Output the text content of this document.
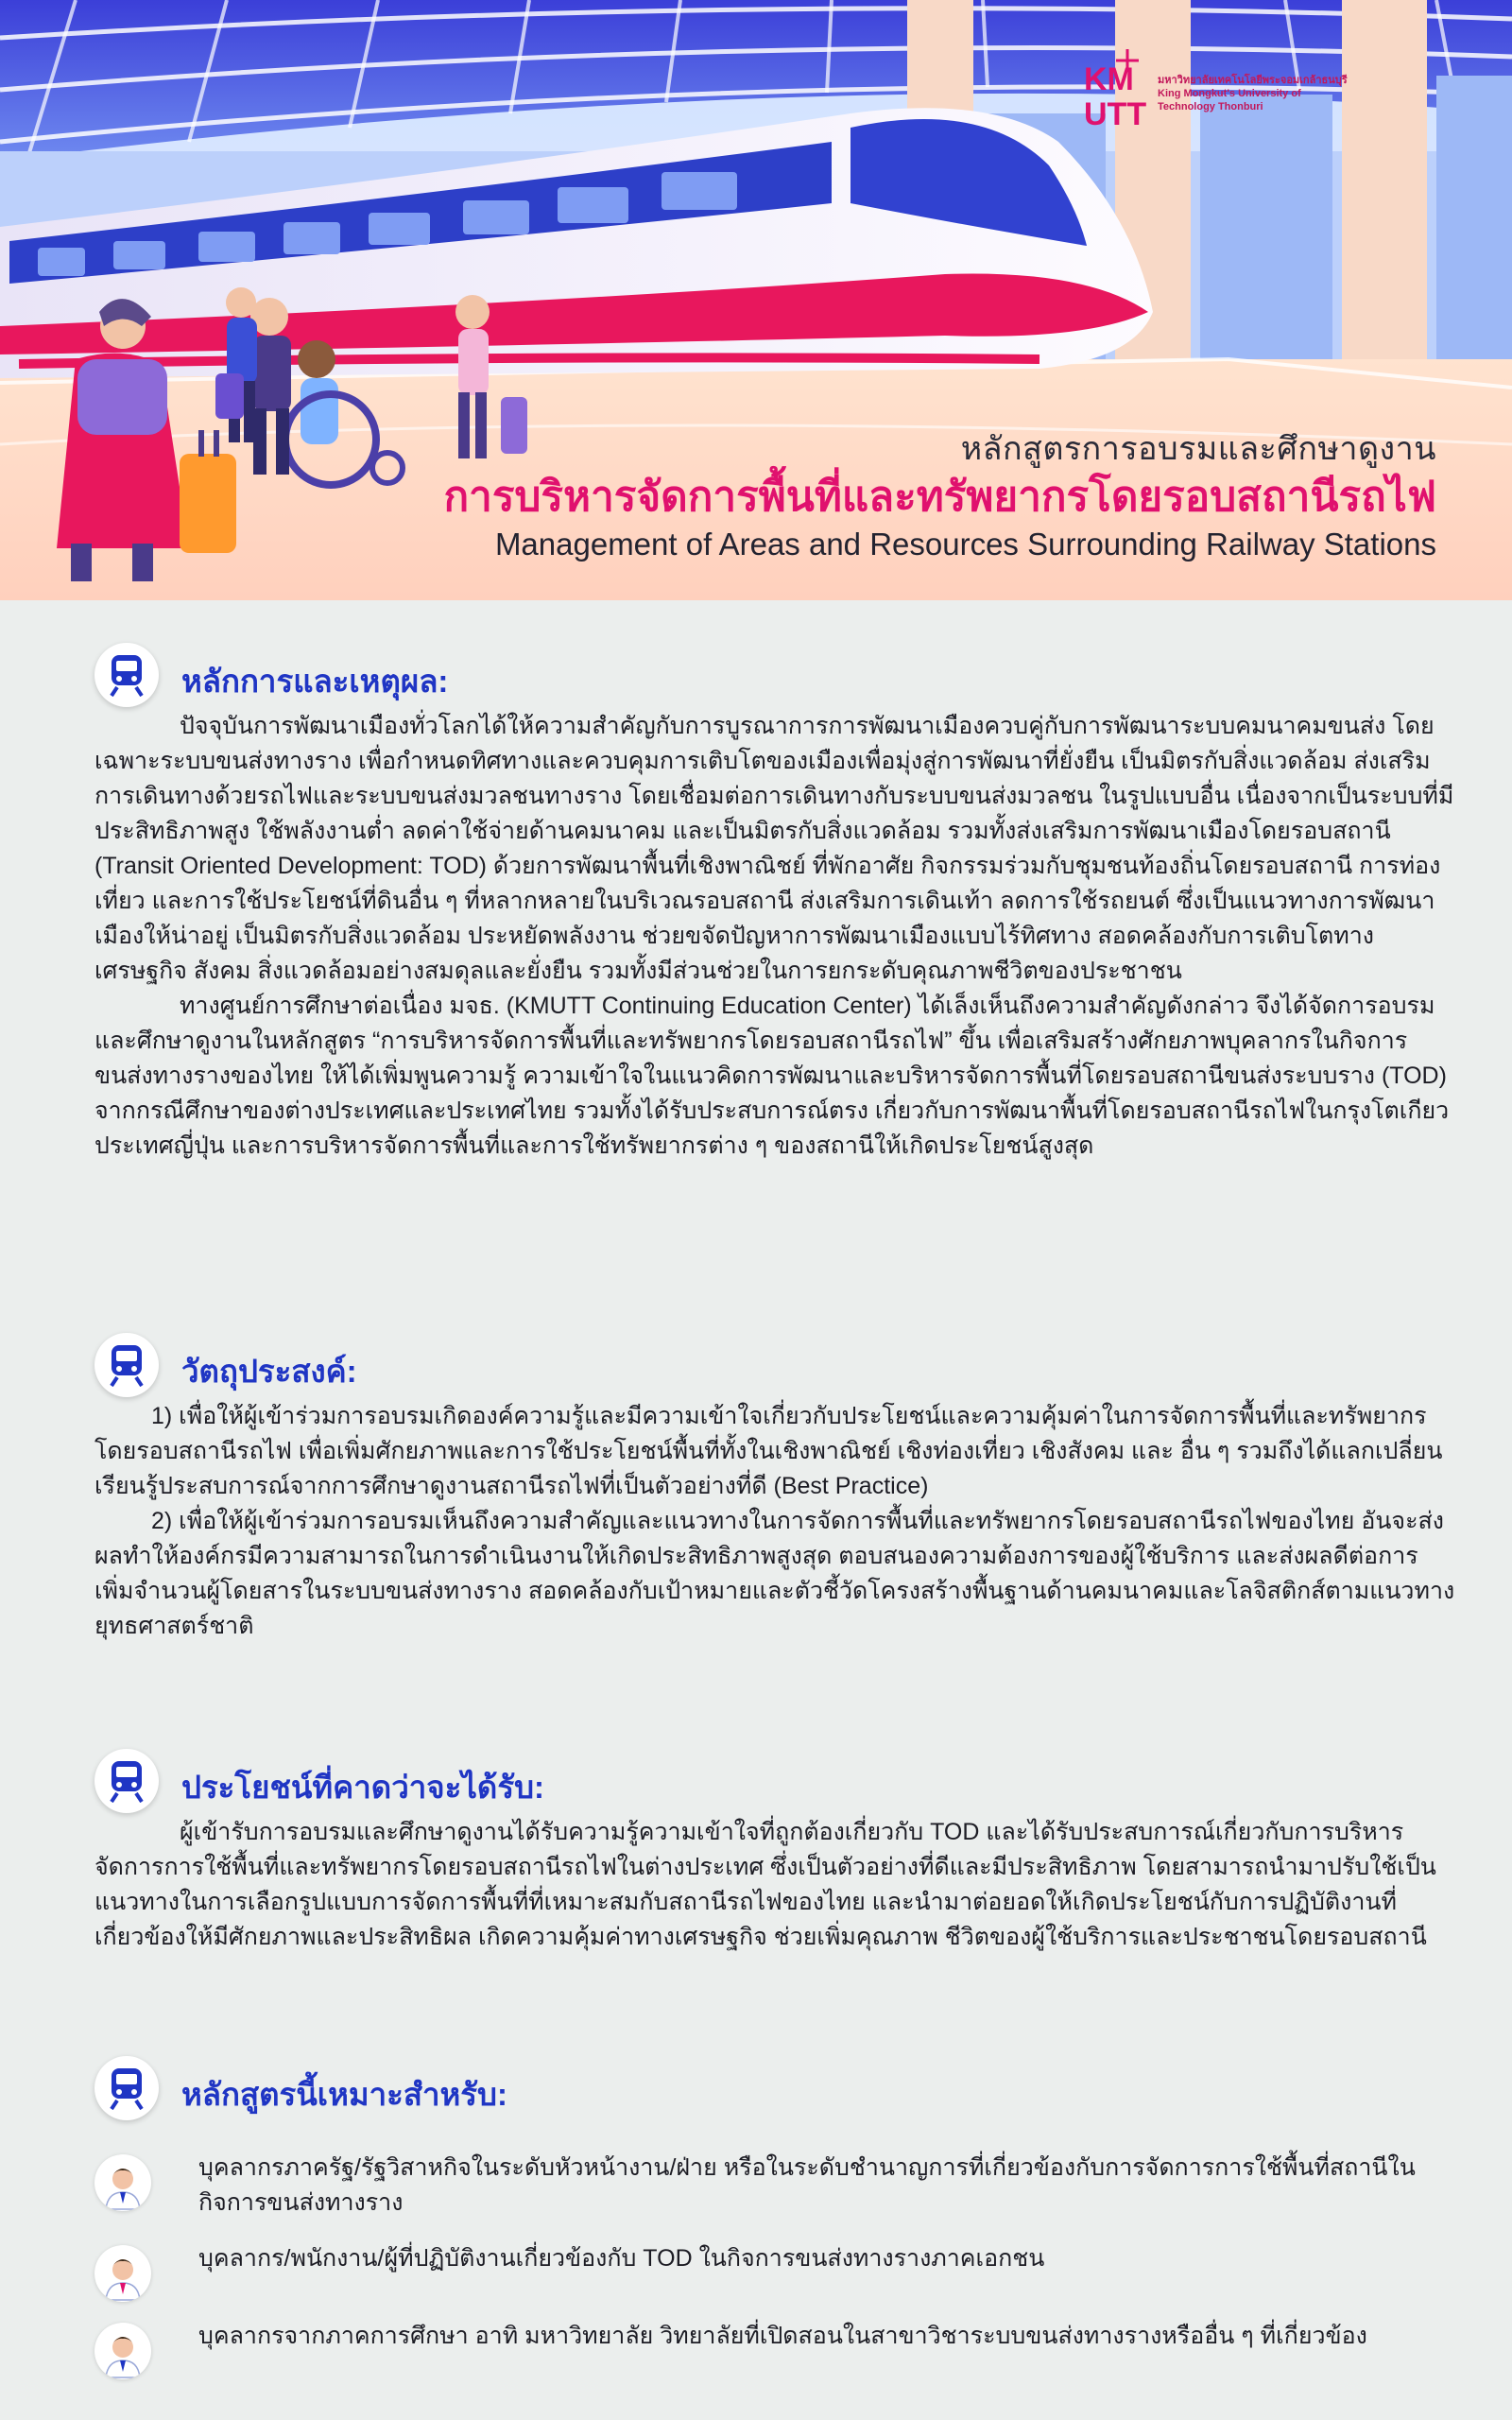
KM
UTT
มหาวิทยาลัยเทคโนโลยีพระจอมเกล้าธนบุรี
King Mongkut's University of
Technology Thonburi
หลักสูตรการอบรมและศึกษาดูงาน
การบริหารจัดการพื้นที่และทรัพยากรโดยรอบสถานีรถไฟ
Management of Areas and Resources Surrounding Railway Stations
หลักการและเหตุผล:

ปัจจุบันการพัฒนาเมืองทั่วโลกได้ให้ความสำคัญกับการบูรณาการการพัฒนาเมืองควบคู่กับการพัฒนาระบบคมนาคมขนส่ง โดยเฉพาะระบบขนส่งทางราง เพื่อกำหนดทิศทางและควบคุมการเติบโตของเมืองเพื่อมุ่งสู่การพัฒนาที่ยั่งยืน เป็นมิตรกับสิ่งแวดล้อม ส่งเสริมการเดินทางด้วยรถไฟและระบบขนส่งมวลชนทางราง โดยเชื่อมต่อการเดินทางกับระบบขนส่งมวลชน ในรูปแบบอื่น เนื่องจากเป็นระบบที่มีประสิทธิภาพสูง ใช้พลังงานต่ำ ลดค่าใช้จ่ายด้านคมนาคม และเป็นมิตรกับสิ่งแวดล้อม รวมทั้งส่งเสริมการพัฒนาเมืองโดยรอบสถานี (Transit Oriented Development: TOD) ด้วยการพัฒนาพื้นที่เชิงพาณิชย์ ที่พักอาศัย กิจกรรมร่วมกับชุมชนท้องถิ่นโดยรอบสถานี การท่องเที่ยว และการใช้ประโยชน์ที่ดินอื่น ๆ ที่หลากหลายในบริเวณรอบสถานี ส่งเสริมการเดินเท้า ลดการใช้รถยนต์ ซึ่งเป็นแนวทางการพัฒนาเมืองให้น่าอยู่ เป็นมิตรกับสิ่งแวดล้อม ประหยัดพลังงาน ช่วยขจัดปัญหาการพัฒนาเมืองแบบไร้ทิศทาง สอดคล้องกับการเติบโตทางเศรษฐกิจ สังคม สิ่งแวดล้อมอย่างสมดุลและยั่งยืน รวมทั้งมีส่วนช่วยในการยกระดับคุณภาพชีวิตของประชาชน

ทางศูนย์การศึกษาต่อเนื่อง มจธ. (KMUTT Continuing Education Center) ได้เล็งเห็นถึงความสำคัญดังกล่าว จึงได้จัดการอบรมและศึกษาดูงานในหลักสูตร “การบริหารจัดการพื้นที่และทรัพยากรโดยรอบสถานีรถไฟ” ขึ้น เพื่อเสริมสร้างศักยภาพบุคลากรในกิจการขนส่งทางรางของไทย ให้ได้เพิ่มพูนความรู้ ความเข้าใจในแนวคิดการพัฒนาและบริหารจัดการพื้นที่โดยรอบสถานีขนส่งระบบราง (TOD) จากกรณีศึกษาของต่างประเทศและประเทศไทย รวมทั้งได้รับประสบการณ์ตรง เกี่ยวกับการพัฒนาพื้นที่โดยรอบสถานีรถไฟในกรุงโตเกียว ประเทศญี่ปุ่น และการบริหารจัดการพื้นที่และการใช้ทรัพยากรต่าง ๆ ของสถานีให้เกิดประโยชน์สูงสุด

วัตถุประสงค์:

1) เพื่อให้ผู้เข้าร่วมการอบรมเกิดองค์ความรู้และมีความเข้าใจเกี่ยวกับประโยชน์และความคุ้มค่าในการจัดการพื้นที่และทรัพยากรโดยรอบสถานีรถไฟ เพื่อเพิ่มศักยภาพและการใช้ประโยชน์พื้นที่ทั้งในเชิงพาณิชย์ เชิงท่องเที่ยว เชิงสังคม และ อื่น ๆ รวมถึงได้แลกเปลี่ยนเรียนรู้ประสบการณ์จากการศึกษาดูงานสถานีรถไฟที่เป็นตัวอย่างที่ดี (Best Practice)

2) เพื่อให้ผู้เข้าร่วมการอบรมเห็นถึงความสำคัญและแนวทางในการจัดการพื้นที่และทรัพยากรโดยรอบสถานีรถไฟของไทย อันจะส่งผลทำให้องค์กรมีความสามารถในการดำเนินงานให้เกิดประสิทธิภาพสูงสุด ตอบสนองความต้องการของผู้ใช้บริการ และส่งผลดีต่อการเพิ่มจำนวนผู้โดยสารในระบบขนส่งทางราง สอดคล้องกับเป้าหมายและตัวชี้วัดโครงสร้างพื้นฐานด้านคมนาคมและโลจิสติกส์ตามแนวทางยุทธศาสตร์ชาติ

ประโยชน์ที่คาดว่าจะได้รับ:

ผู้เข้ารับการอบรมและศึกษาดูงานได้รับความรู้ความเข้าใจที่ถูกต้องเกี่ยวกับ TOD และได้รับประสบการณ์เกี่ยวกับการบริหารจัดการการใช้พื้นที่และทรัพยากรโดยรอบสถานีรถไฟในต่างประเทศ ซึ่งเป็นตัวอย่างที่ดีและมีประสิทธิภาพ โดยสามารถนำมาปรับใช้เป็นแนวทางในการเลือกรูปแบบการจัดการพื้นที่ที่เหมาะสมกับสถานีรถไฟของไทย และนำมาต่อยอดให้เกิดประโยชน์กับการปฏิบัติงานที่เกี่ยวข้องให้มีศักยภาพและประสิทธิผล เกิดความคุ้มค่าทางเศรษฐกิจ ช่วยเพิ่มคุณภาพ ชีวิตของผู้ใช้บริการและประชาชนโดยรอบสถานี

หลักสูตรนี้เหมาะสำหรับ:
บุคลากรภาครัฐ/รัฐวิสาหกิจในระดับหัวหน้างาน/ฝ่าย หรือในระดับชำนาญการที่เกี่ยวข้องกับการจัดการการใช้พื้นที่สถานีในกิจการขนส่งทางราง
บุคลากร/พนักงาน/ผู้ที่ปฏิบัติงานเกี่ยวข้องกับ TOD ในกิจการขนส่งทางรางภาคเอกชน
บุคลากรจากภาคการศึกษา อาทิ มหาวิทยาลัย วิทยาลัยที่เปิดสอนในสาขาวิชาระบบขนส่งทางรางหรืออื่น ๆ ที่เกี่ยวข้อง
